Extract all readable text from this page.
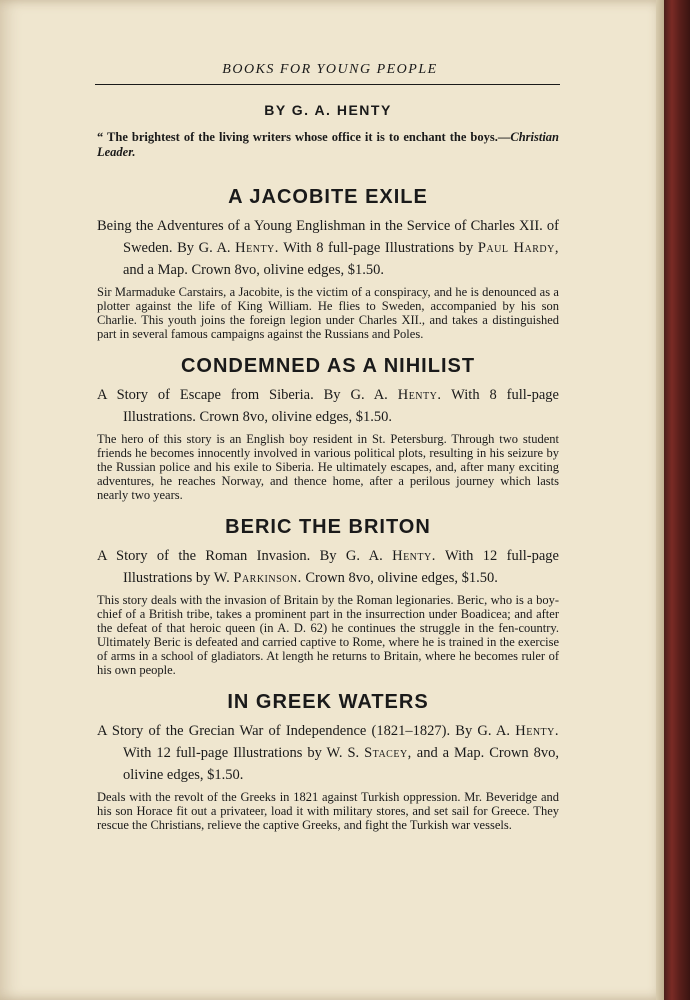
BOOKS FOR YOUNG PEOPLE
BY G. A. HENTY

“ The brightest of the living writers whose office it is to enchant the boys.—Christian Leader.

A JACOBITE EXILE

Being the Adventures of a Young Englishman in the Service of Charles XII. of Sweden. By G. A. Henty. With 8 full-page Illustrations by Paul Hardy, and a Map. Crown 8vo, olivine edges, $1.50.

Sir Marmaduke Carstairs, a Jacobite, is the victim of a conspiracy, and he is denounced as a plotter against the life of King William. He flies to Sweden, accompanied by his son Charlie. This youth joins the foreign legion under Charles XII., and takes a distinguished part in several famous campaigns against the Russians and Poles.

CONDEMNED AS A NIHILIST

A Story of Escape from Siberia. By G. A. Henty. With 8 full-page Illustrations. Crown 8vo, olivine edges, $1.50.

The hero of this story is an English boy resident in St. Petersburg. Through two student friends he becomes innocently involved in various political plots, resulting in his seizure by the Russian police and his exile to Siberia. He ultimately escapes, and, after many exciting adventures, he reaches Norway, and thence home, after a perilous journey which lasts nearly two years.

BERIC THE BRITON

A Story of the Roman Invasion. By G. A. Henty. With 12 full-page Illustrations by W. Parkinson. Crown 8vo, olivine edges, $1.50.

This story deals with the invasion of Britain by the Roman legionaries. Beric, who is a boy-chief of a British tribe, takes a prominent part in the insurrection under Boadicea; and after the defeat of that heroic queen (in A. D. 62) he continues the struggle in the fen-country. Ultimately Beric is defeated and carried captive to Rome, where he is trained in the exercise of arms in a school of gladiators. At length he returns to Britain, where he becomes ruler of his own people.

IN GREEK WATERS

A Story of the Grecian War of Independence (1821–1827). By G. A. Henty. With 12 full-page Illustrations by W. S. Stacey, and a Map. Crown 8vo, olivine edges, $1.50.

Deals with the revolt of the Greeks in 1821 against Turkish oppression. Mr. Beveridge and his son Horace fit out a privateer, load it with military stores, and set sail for Greece. They rescue the Christians, relieve the captive Greeks, and fight the Turkish war vessels.
